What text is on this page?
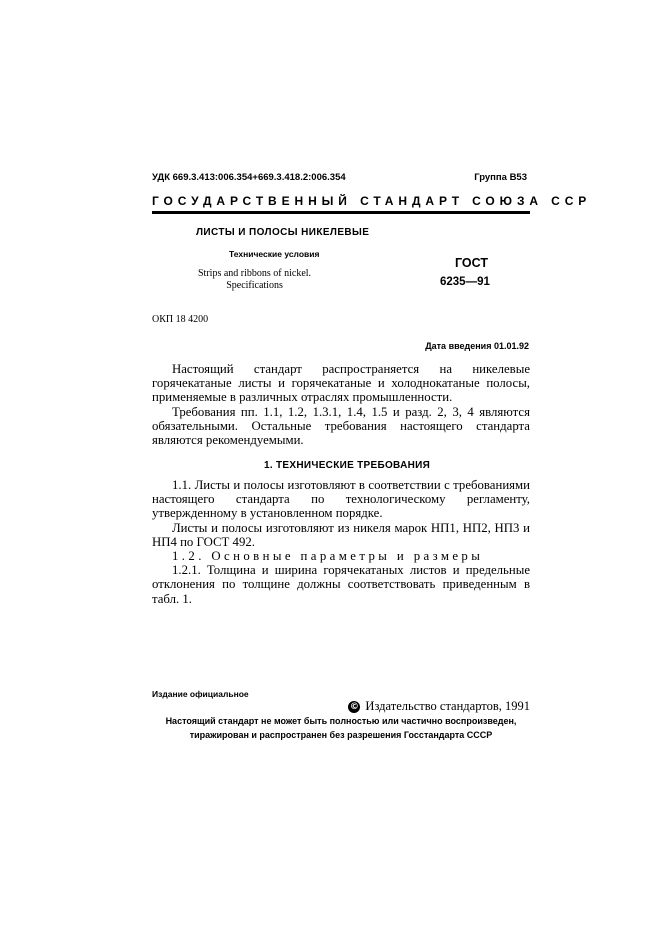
УДК 669.3.413:006.354+669.3.418.2:006.354	Группа В53
ГОСУДАРСТВЕННЫЙ СТАНДАРТ СОЮЗА ССР
ЛИСТЫ И ПОЛОСЫ НИКЕЛЕВЫЕ
Технические условия
Strips and ribbons of nickel.
Specifications
ГОСТ
6235—91
ОКП 18 4200
Дата введения 01.01.92

Настоящий стандарт распространяется на никелевые горячекатаные листы и горячекатаные и холоднокатаные полосы, применяемые в различных отраслях промышленности.

Требования пп. 1.1, 1.2, 1.3.1, 1.4, 1.5 и разд. 2, 3, 4 являются обязательными. Остальные требования настоящего стандарта являются рекомендуемыми.

1. ТЕХНИЧЕСКИЕ ТРЕБОВАНИЯ

1.1. Листы и полосы изготовляют в соответствии с требованиями настоящего стандарта по технологическому регламенту, утвержденному в установленном порядке.

Листы и полосы изготовляют из никеля марок НП1, НП2, НП3 и НП4 по ГОСТ 492.

1.2. Основные параметры и размеры

1.2.1. Толщина и ширина горячекатаных листов и предельные отклонения по толщине должны соответствовать приведенным в табл. 1.

Издание официальное
© Издательство стандартов, 1991
Настоящий стандарт не может быть полностью или частично воспроизведен,
тиражирован и распространен без разрешения Госстандарта СССР
